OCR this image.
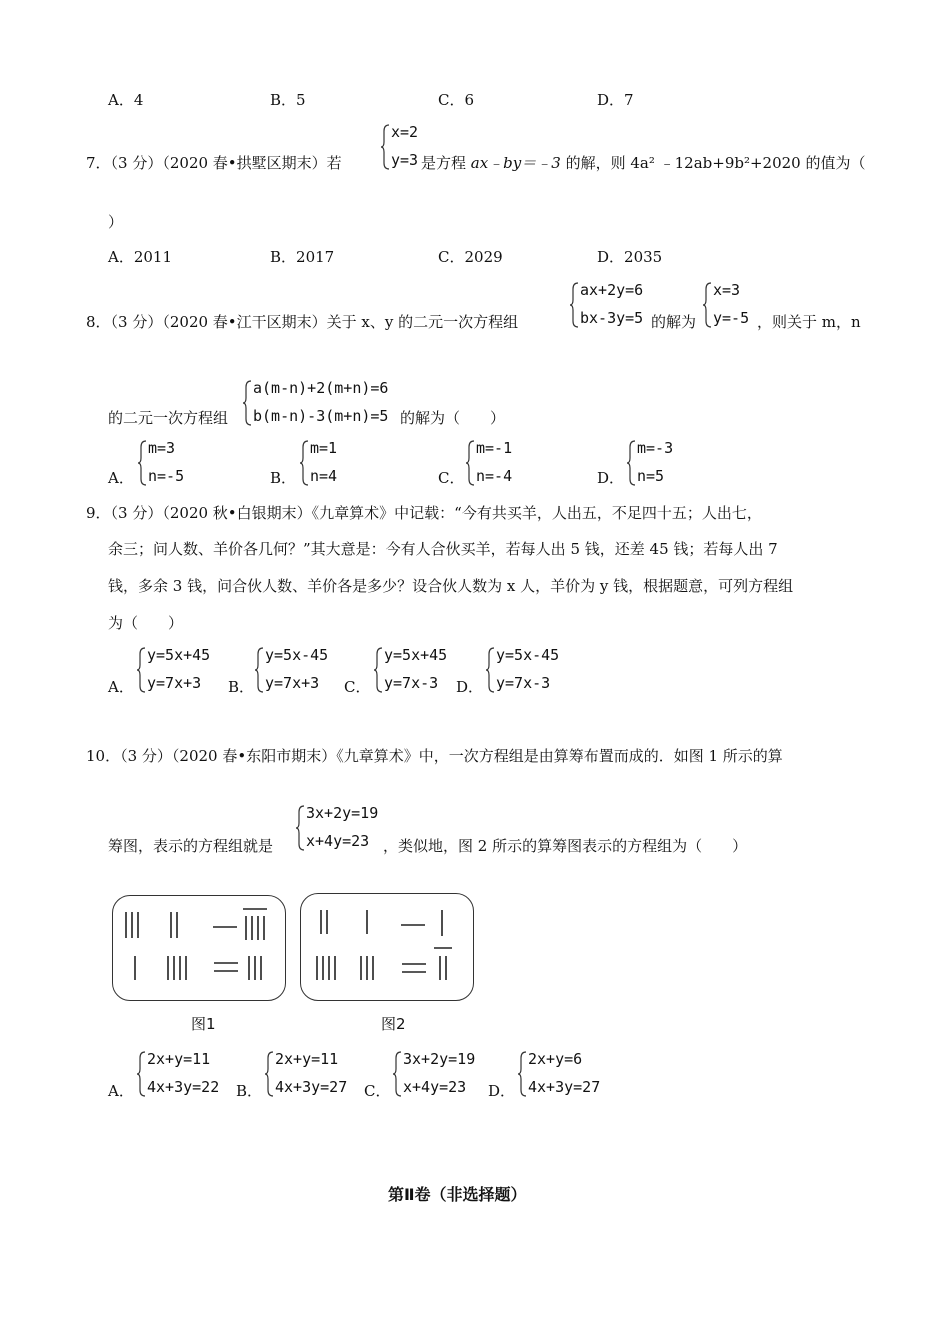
A．4	B．5	C．6	D．7
7．（3 分）（2020 春•拱墅区期末）若
x=2
y=3 是方程 ax﹣by＝﹣3 的解，则 4a² ﹣12ab+9b²+2020 的值为（
）
A．2011	B．2017	C．2029	D．2035
8．（3 分）（2020 春•江干区期末）关于 x、y 的二元一次方程组
ax+2y=6
bx-3y=5 的解为
x=3
y=-5 ，则关于 m，n
的二元一次方程组
a(m-n)+2(m+n)=6
b(m-n)-3(m+n)=5 的解为（　　）
A．
m=3
n=-5	B．
m=1
n=4	C．
m=-1
n=-4	D．
m=-3
n=5
9．（3 分）（2020 秋•白银期末）《九章算术》中记载：“今有共买羊，人出五，不足四十五；人出七，
余三；问人数、羊价各几何？”其大意是：今有人合伙买羊，若每人出 5 钱，还差 45 钱；若每人出 7
钱，多余 3 钱，问合伙人数、羊价各是多少？设合伙人数为 x 人，羊价为 y 钱，根据题意，可列方程组
为（　　）
A．
y=5x+45
y=7x+3 B．
y=5x-45
y=7x+3 C．
y=5x+45
y=7x-3 D．
y=5x-45
y=7x-3
10．（3 分）（2020 春•东阳市期末）《九章算术》中，一次方程组是由算筹布置而成的．如图 1 所示的算
筹图，表示的方程组就是
3x+2y=19
x+4y=23 ，类似地，图 2 所示的算筹图表示的方程组为（　　）
图1	图2
A．
2x+y=11
4x+3y=22 B．
2x+y=11
4x+3y=27 C．
3x+2y=19
x+4y=23 D．
2x+y=6
4x+3y=27
第Ⅱ卷（非选择题）
